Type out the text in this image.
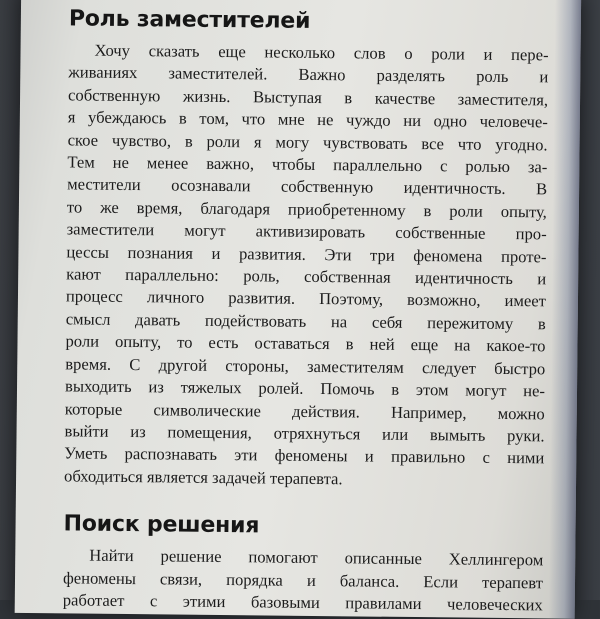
Роль заместителей
Хочу сказать еще несколько слов о роли и пере-
живаниях заместителей. Важно разделять роль и
собственную жизнь. Выступая в качестве заместителя,
я убеждаюсь в том, что мне не чуждо ни одно человече-
ское чувство, в роли я могу чувствовать все что угодно.
Тем не менее важно, чтобы параллельно с ролью за-
местители осознавали собственную идентичность. В
то же время, благодаря приобретенному в роли опыту,
заместители могут активизировать собственные про-
цессы познания и развития. Эти три феномена проте-
кают параллельно: роль, собственная идентичность и
процесс личного развития. Поэтому, возможно, имеет
смысл давать подействовать на себя пережитому в
роли опыту, то есть оставаться в ней еще на какое-то
время. С другой стороны, заместителям следует быстро
выходить из тяжелых ролей. Помочь в этом могут не-
которые символические действия. Например, можно
выйти из помещения, отряхнуться или вымыть руки.
Уметь распознавать эти феномены и правильно с ними
обходиться является задачей терапевта.
Поиск решения
Найти решение помогают описанные Хеллингером
феномены связи, порядка и баланса. Если терапевт
работает с этими базовыми правилами человеческих
